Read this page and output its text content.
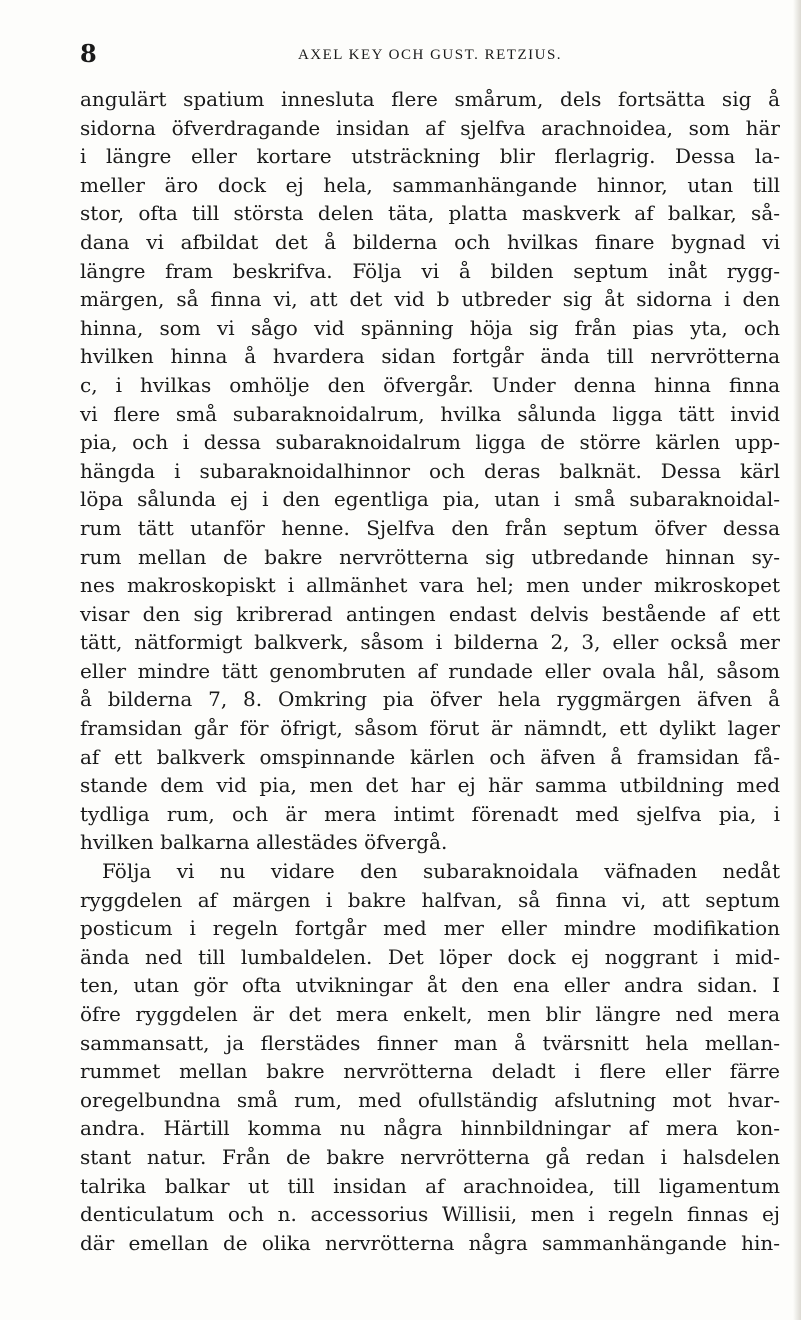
8	AXEL KEY OCH GUST. RETZIUS.
angulärt spatium innesluta flere smårum, dels fortsätta sig å
sidorna öfverdragande insidan af sjelfva arachnoidea, som här
i längre eller kortare utsträckning blir flerlagrig. Dessa la-
meller äro dock ej hela, sammanhängande hinnor, utan till
stor, ofta till största delen täta, platta maskverk af balkar, så-
dana vi afbildat det å bilderna och hvilkas finare bygnad vi
längre fram beskrifva. Följa vi å bilden septum inåt rygg-
märgen, så finna vi, att det vid b utbreder sig åt sidorna i den
hinna, som vi sågo vid spänning höja sig från pias yta, och
hvilken hinna å hvardera sidan fortgår ända till nervrötterna
c, i hvilkas omhölje den öfvergår. Under denna hinna finna
vi flere små subaraknoidalrum, hvilka sålunda ligga tätt invid
pia, och i dessa subaraknoidalrum ligga de större kärlen upp-
hängda i subaraknoidalhinnor och deras balknät. Dessa kärl
löpa sålunda ej i den egentliga pia, utan i små subaraknoidal-
rum tätt utanför henne. Sjelfva den från septum öfver dessa
rum mellan de bakre nervrötterna sig utbredande hinnan sy-
nes makroskopiskt i allmänhet vara hel; men under mikroskopet
visar den sig kribrerad antingen endast delvis bestående af ett
tätt, nätformigt balkverk, såsom i bilderna 2, 3, eller också mer
eller mindre tätt genombruten af rundade eller ovala hål, såsom
å bilderna 7, 8. Omkring pia öfver hela ryggmärgen äfven å
framsidan går för öfrigt, såsom förut är nämndt, ett dylikt lager
af ett balkverk omspinnande kärlen och äfven å framsidan få-
stande dem vid pia, men det har ej här samma utbildning med
tydliga rum, och är mera intimt förenadt med sjelfva pia, i
hvilken balkarna allestädes öfvergå.
Följa vi nu vidare den subaraknoidala väfnaden nedåt
ryggdelen af märgen i bakre halfvan, så finna vi, att septum
posticum i regeln fortgår med mer eller mindre modifikation
ända ned till lumbaldelen. Det löper dock ej noggrant i mid-
ten, utan gör ofta utvikningar åt den ena eller andra sidan. I
öfre ryggdelen är det mera enkelt, men blir längre ned mera
sammansatt, ja flerstädes finner man å tvärsnitt hela mellan-
rummet mellan bakre nervrötterna deladt i flere eller färre
oregelbundna små rum, med ofullständig afslutning mot hvar-
andra. Härtill komma nu några hinnbildningar af mera kon-
stant natur. Från de bakre nervrötterna gå redan i halsdelen
talrika balkar ut till insidan af arachnoidea, till ligamentum
denticulatum och n. accessorius Willisii, men i regeln finnas ej
där emellan de olika nervrötterna några sammanhängande hin-
